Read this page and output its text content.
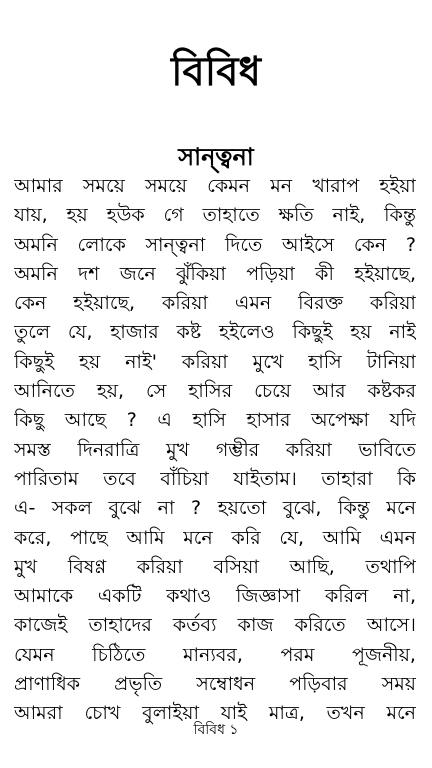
বিবিধ
সান্ত্বনা
আমার সময়ে সময়ে কেমন মন খারাপ হইয়া
যায়, হয় হউক গে তাহাতে ক্ষতি নাই, কিন্তু
অমনি লোকে সান্ত্বনা দিতে আইসে কেন ?
অমনি দশ জনে ঝুঁকিয়া পড়িয়া কী হইয়াছে,
কেন হইয়াছে, করিয়া এমন বিরক্ত করিয়া
তুলে যে, হাজার কষ্ট হইলেও কিছুই হয় নাই
কিছুই হয় নাই' করিয়া মুখে হাসি টানিয়া
আনিতে হয়, সে হাসির চেয়ে আর কষ্টকর
কিছু আছে ? এ হাসি হাসার অপেক্ষা যদি
সমস্ত দিনরাত্রি মুখ গম্ভীর করিয়া ভাবিতে
পারিতাম তবে বাঁচিয়া যাইতাম। তাহারা কি
এ- সকল বুঝে না ? হয়তো বুঝে, কিন্তু মনে
করে, পাছে আমি মনে করি যে, আমি এমন
মুখ বিষণ্ণ করিয়া বসিয়া আছি, তথাপি
আমাকে একটি কথাও জিজ্ঞাসা করিল না,
কাজেই তাহাদের কর্তব্য কাজ করিতে আসে।
যেমন চিঠিতে মান্যবর, পরম পূজনীয়,
প্রাণাধিক প্রভৃতি সম্বোধন পড়িবার সময়
আমরা চোখ বুলাইয়া যাই মাত্র, তখন মনে
বিবিধ ১
